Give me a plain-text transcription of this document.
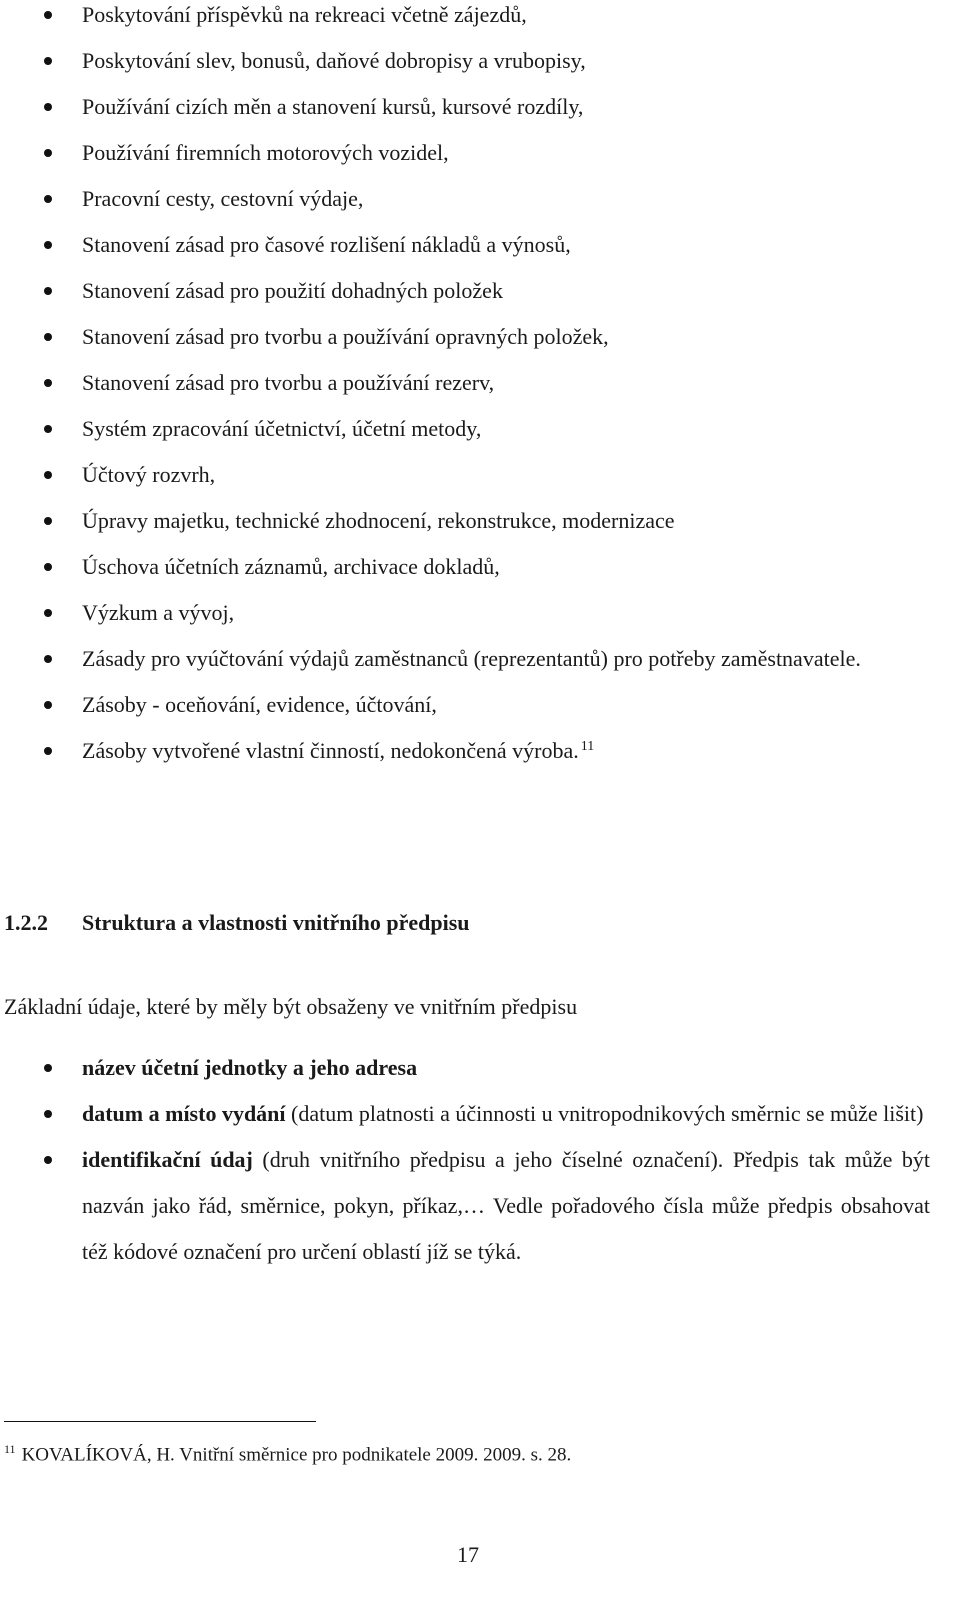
Poskytování příspěvků na rekreaci včetně zájezdů,
Poskytování slev, bonusů, daňové dobropisy a vrubopisy,
Používání cizích měn a stanovení kursů, kursové rozdíly,
Používání firemních motorových vozidel,
Pracovní cesty, cestovní výdaje,
Stanovení zásad pro časové rozlišení nákladů a výnosů,
Stanovení zásad pro použití dohadných položek
Stanovení zásad pro tvorbu a používání opravných položek,
Stanovení zásad pro tvorbu a používání rezerv,
Systém zpracování účetnictví, účetní metody,
Účtový rozvrh,
Úpravy majetku, technické zhodnocení, rekonstrukce, modernizace
Úschova účetních záznamů, archivace dokladů,
Výzkum a vývoj,
Zásady pro vyúčtování výdajů zaměstnanců (reprezentantů) pro potřeby zaměstnavatele.
Zásoby - oceňování, evidence, účtování,
Zásoby vytvořené vlastní činností, nedokončená výroba. $^{11}$
1.2.2 Struktura a vlastnosti vnitřního předpisu
Základní údaje, které by měly být obsaženy ve vnitřním předpisu
název účetní jednotky a jeho adresa
datum a místo vydání (datum platnosti a účinnosti u vnitropodnikových směrnic se může lišit)
identifikační údaj (druh vnitřního předpisu a jeho číselné označení). Předpis tak může být nazván jako řád, směrnice, pokyn, příkaz,… Vedle pořadového čísla může předpis obsahovat též kódové označení pro určení oblastí jíž se týká.
$^{11}$ KOVALÍKOVÁ, H. Vnitřní směrnice pro podnikatele 2009. 2009. s. 28.
17
